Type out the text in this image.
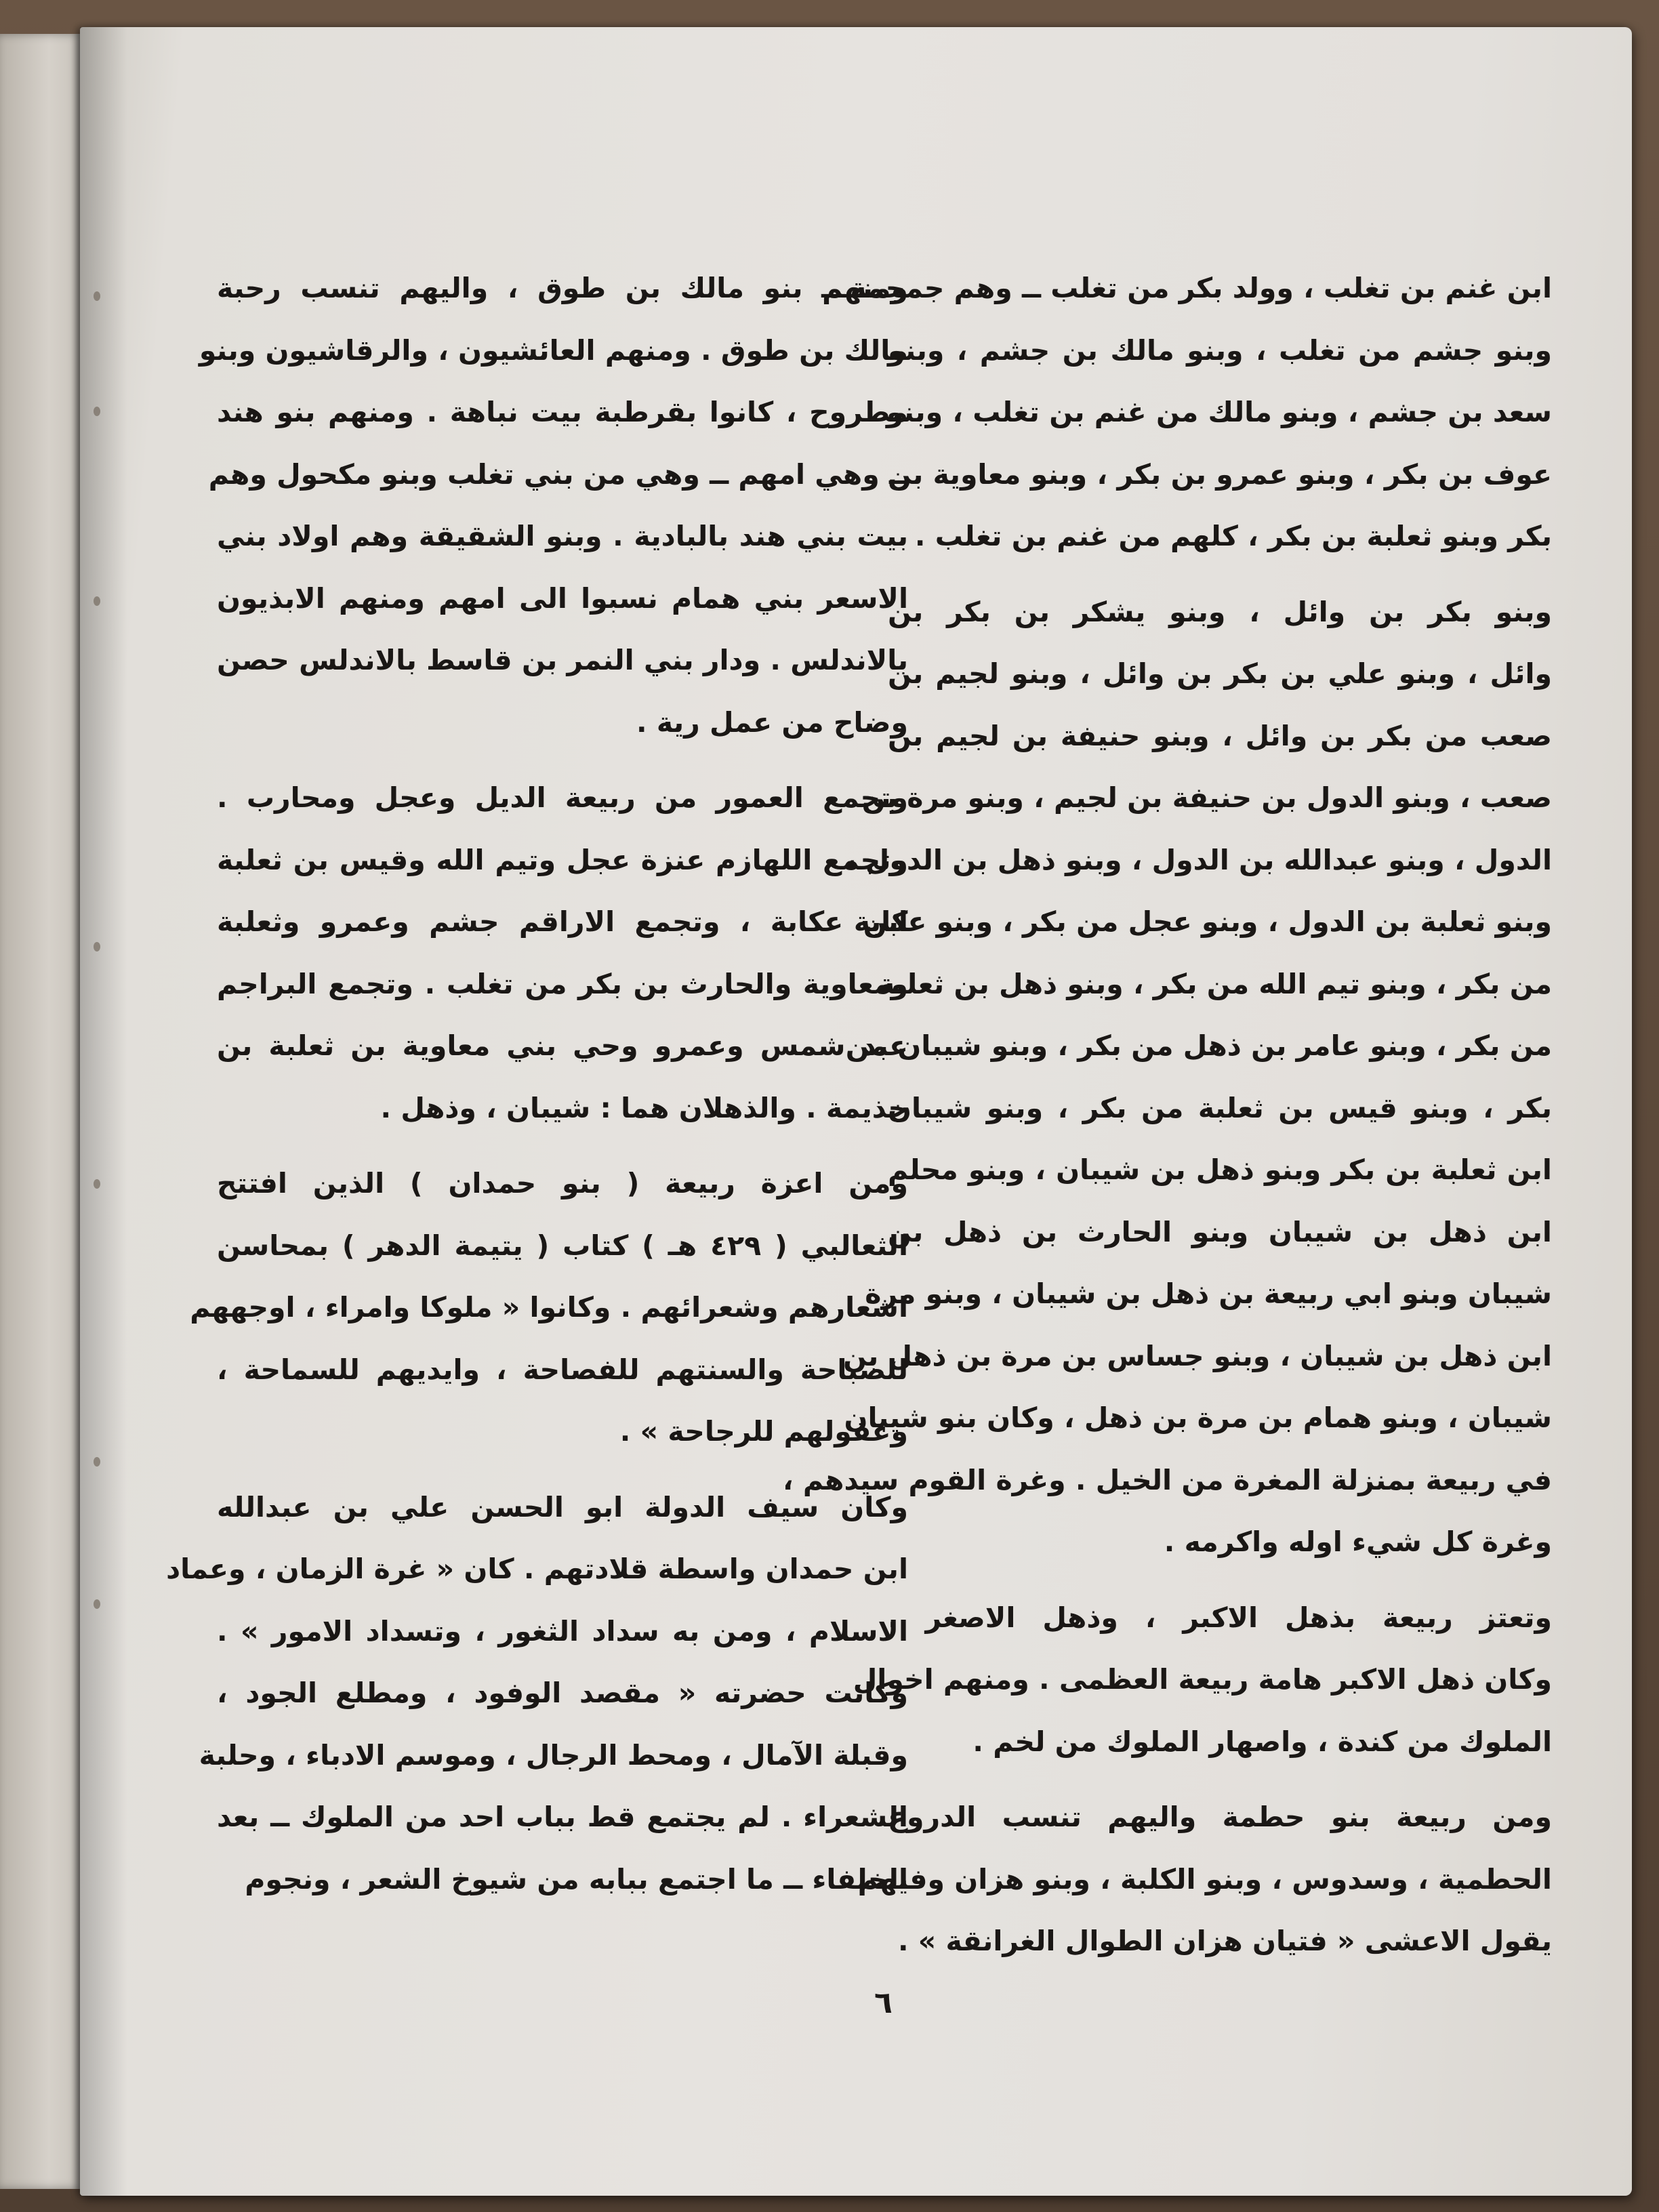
ابن غنم بن تغلب ، وولد بكر من تغلب ــ وهم جمجمة ــ
وبنو جشم من تغلب ، وبنو مالك بن جشم ، وبنو
سعد بن جشم ، وبنو مالك من غنم بن تغلب ، وبنو
عوف بن بكر ، وبنو عمرو بن بكر ، وبنو معاوية بن
بكر وبنو ثعلبة بن بكر ، كلهم من غنم بن تغلب .

وبنو بكر بن وائل ، وبنو يشكر بن بكر بن
وائل ، وبنو علي بن بكر بن وائل ، وبنو لجيم بن
صعب من بكر بن وائل ، وبنو حنيفة بن لجيم بن
صعب ، وبنو الدول بن حنيفة بن لجيم ، وبنو مرة بن
الدول ، وبنو عبدالله بن الدول ، وبنو ذهل بن الدول ،
وبنو ثعلبة بن الدول ، وبنو عجل من بكر ، وبنو عكابة
من بكر ، وبنو تيم الله من بكر ، وبنو ذهل بن ثعلبة
من بكر ، وبنو عامر بن ذهل من بكر ، وبنو شيبان من
بكر ، وبنو قيس بن ثعلبة من بكر ، وبنو شيبان
ابن ثعلبة بن بكر وبنو ذهل بن شيبان ، وبنو محلم
ابن ذهل بن شيبان وبنو الحارث بن ذهل بن
شيبان وبنو ابي ربيعة بن ذهل بن شيبان ، وبنو مرة
ابن ذهل بن شيبان ، وبنو جساس بن مرة بن ذهل بن
شيبان ، وبنو همام بن مرة بن ذهل ، وكان بنو شيبان
في ربيعة بمنزلة المغرة من الخيل . وغرة القوم سيدهم ،
وغرة كل شيء اوله واكرمه .

وتعتز ربيعة بذهل الاكبر ، وذهل الاصغر .
وكان ذهل الاكبر هامة ربيعة العظمى . ومنهم اخوال
الملوك من كندة ، واصهار الملوك من لخم .

ومن ربيعة بنو حطمة واليهم تنسب الدروع
الحطمية ، وسدوس ، وبنو الكلبة ، وبنو هزان وفيهم
يقول الاعشى « فتيان هزان الطوال الغرانقة » .

ومنهم بنو مالك بن طوق ، واليهم تنسب رحبة
مالك بن طوق . ومنهم العائشيون ، والرقاشيون وبنو
مطروح ، كانوا بقرطبة بيت نباهة . ومنهم بنو هند
ــ وهي امهم ــ وهي من بني تغلب وبنو مكحول وهم
بيت بني هند بالبادية . وبنو الشقيقة وهم اولاد بني
الاسعر بني همام نسبوا الى امهم ومنهم الابذيون
بالاندلس . ودار بني النمر بن قاسط بالاندلس حصن
وضاح من عمل رية .

وتجمع العمور من ربيعة الديل وعجل ومحارب .
وتجمع اللهازم عنزة عجل وتيم الله وقيس بن ثعلبة
ابن عكابة ، وتجمع الاراقم جشم وعمرو وثعلبة
ومعاوية والحارث بن بكر من تغلب . وتجمع البراجم
عبد شمس وعمرو وحي بني معاوية بن ثعلبة بن
جذيمة . والذهلان هما : شيبان ، وذهل .

ومن اعزة ربيعة ( بنو حمدان ) الذين افتتح
الثعالبي ( ٤٢٩ هـ ) كتاب ( يتيمة الدهر ) بمحاسن
اشعارهم وشعرائهم . وكانوا « ملوكا وامراء ، اوجههم
للصباحة والسنتهم للفصاحة ، وايديهم للسماحة ،
وعقولهم للرجاحة » .

وكان سيف الدولة ابو الحسن علي بن عبدالله
ابن حمدان واسطة قلادتهم . كان « غرة الزمان ، وعماد
الاسلام ، ومن به سداد الثغور ، وتسداد الامور » .
وكانت حضرته « مقصد الوفود ، ومطلع الجود ،
وقبلة الآمال ، ومحط الرجال ، وموسم الادباء ، وحلبة
الشعراء . لم يجتمع قط بباب احد من الملوك ــ بعد
الخلفاء ــ ما اجتمع ببابه من شيوخ الشعر ، ونجوم

٦
